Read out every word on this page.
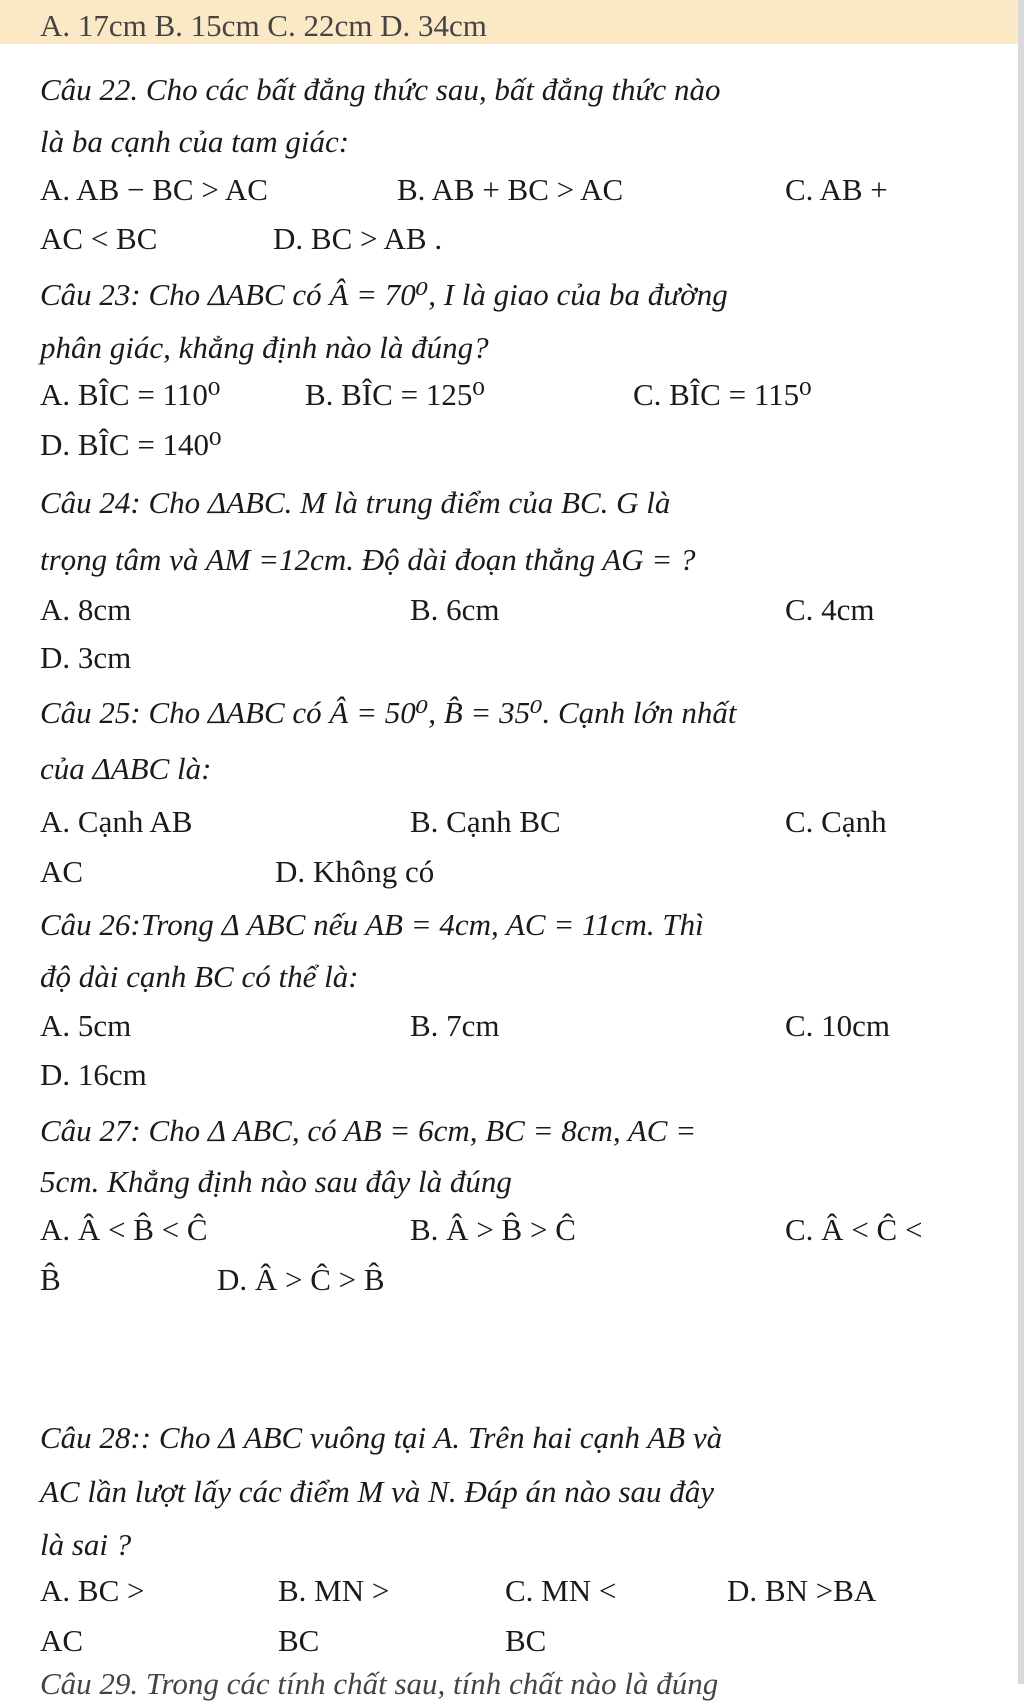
A. 17cm B. 15cm C. 22cm D. 34cm
Câu 22. Cho các bất đẳng thức sau, bất đẳng thức nào
là ba cạnh của tam giác:
A. AB − BC > AC	B. AB + BC > AC	C. AB +
AC < BC	D. BC > AB .
Câu 23: Cho ΔABC có Â = 70⁰, I là giao của ba đường
phân giác, khẳng định nào là đúng?
A. BÎC = 110⁰	B. BÎC = 125⁰	C. BÎC = 115⁰
D. BÎC = 140⁰
Câu 24: Cho ΔABC. M là trung điểm của BC. G là
trọng tâm và AM =12cm. Độ dài đoạn thẳng AG = ?
A. 8cm	B. 6cm	C. 4cm
D. 3cm
Câu 25: Cho ΔABC có Â = 50⁰, B̂ = 35⁰. Cạnh lớn nhất
của ΔABC là:
A. Cạnh AB	B. Cạnh BC	C. Cạnh
AC	D. Không có
Câu 26:Trong Δ ABC nếu AB = 4cm, AC = 11cm. Thì
độ dài cạnh BC có thể là:
A. 5cm	B. 7cm	C. 10cm
D. 16cm
Câu 27: Cho Δ ABC, có AB = 6cm, BC = 8cm, AC =
5cm. Khẳng định nào sau đây là đúng
A. Â < B̂ < Ĉ	B. Â > B̂ > Ĉ	C. Â < Ĉ <
B̂	D. Â > Ĉ > B̂
Câu 28:: Cho Δ ABC vuông tại A. Trên hai cạnh AB và
AC lần lượt lấy các điểm M và N. Đáp án nào sau đây
là sai ?
A. BC >
AC
B. MN >
BC
C. MN <
BC
D. BN >BA
Câu 29. Trong các tính chất sau, tính chất nào là đúng
